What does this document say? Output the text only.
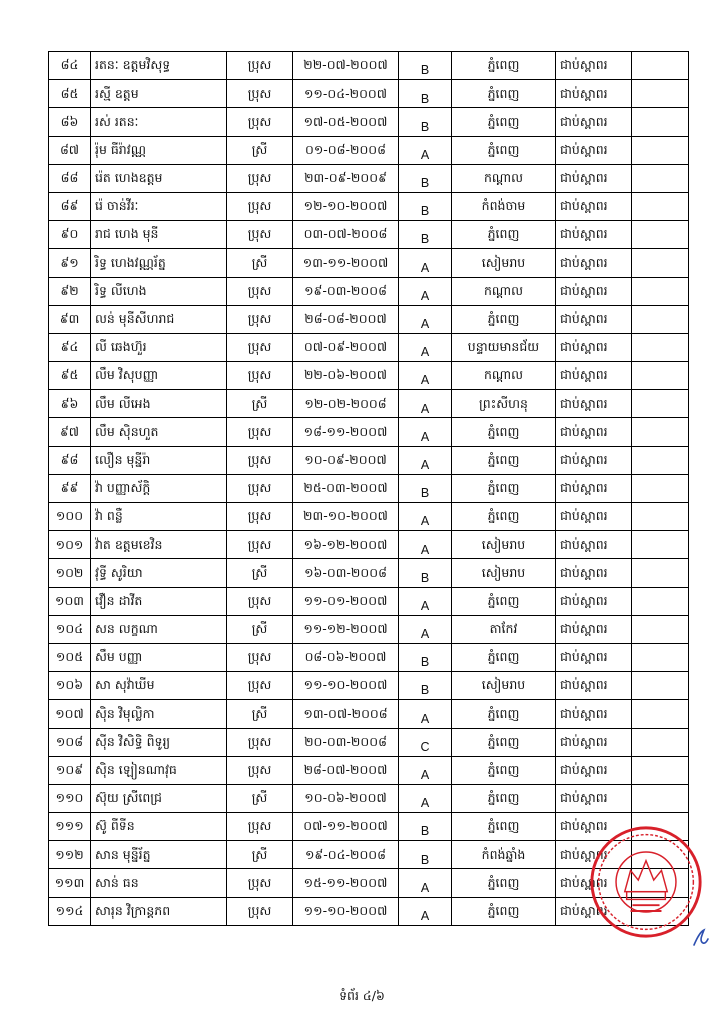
៨៤	រតនៈ ឧត្តមវិសុទ្ធ	ប្រុស	២២-០៧-២០០៧	B	ភ្នំពេញ	ជាប់ស្ពាពរ	
៨៥	រស្មី ឧត្តម	ប្រុស	១១-០៤-២០០៧	B	ភ្នំពេញ	ជាប់ស្ពាពរ	
៨៦	រស់ រតនៈ	ប្រុស	១៧-០៥-២០០៧	B	ភ្នំពេញ	ជាប់ស្ពាពរ	
៨៧	រ៉ុម ធីរ៉ាវណ្ណ	ស្រី	០១-០៨-២០០៨	A	ភ្នំពេញ	ជាប់ស្ពាពរ	
៨៨	រ៉េត ហេងឧត្តម	ប្រុស	២៣-០៩-២០០៩	B	កណ្តាល	ជាប់ស្ពាពរ	
៨៩	រ៉េ ចាន់វីរៈ	ប្រុស	១២-១០-២០០៧	B	កំពង់ចាម	ជាប់ស្ពាពរ	
៩០	រាជ ហេង មុនី	ប្រុស	០៣-០៧-២០០៨	B	ភ្នំពេញ	ជាប់ស្ពាពរ	
៩១	រិទ្ធ ហេងវណ្ណរ័ត្ន	ស្រី	១៣-១១-២០០៧	A	សៀមរាប	ជាប់ស្ពាពរ	
៩២	រិទ្ធ លីហេង	ប្រុស	១៩-០៣-២០០៨	A	កណ្តាល	ជាប់ស្ពាពរ	
៩៣	លន់ មុនីសីហរាជ	ប្រុស	២៨-០៨-២០០៧	A	ភ្នំពេញ	ជាប់ស្ពាពរ	
៩៤	លី ឆេងហ៊ួរ	ប្រុស	០៧-០៩-២០០៧	A	បន្ទាយមានជ័យ	ជាប់ស្ពាពរ	
៩៥	លឹម វិសុបញ្ញា	ប្រុស	២២-០៦-២០០៧	A	កណ្តាល	ជាប់ស្ពាពរ	
៩៦	លឹម លីអេង	ស្រី	១២-០២-២០០៨	A	ព្រះសីហនុ	ជាប់ស្ពាពរ	
៩៧	លឹម ស៊ិនហួត	ប្រុស	១៨-១១-២០០៧	A	ភ្នំពេញ	ជាប់ស្ពាពរ	
៩៨	លឿន មុន្នីរ៉ា	ប្រុស	១០-០៩-២០០៧	A	ភ្នំពេញ	ជាប់ស្ពាពរ	
៩៩	វ៉ា បញ្ញាស័ក្តិ	ប្រុស	២៥-០៣-២០០៧	B	ភ្នំពេញ	ជាប់ស្ពាពរ	
១០០	វ៉ា ពន្លឺ	ប្រុស	២៣-១០-២០០៧	A	ភ្នំពេញ	ជាប់ស្ពាពរ	
១០១	វ៉ាត ឧត្តមខេវិន	ប្រុស	១៦-១២-២០០៧	A	សៀមរាប	ជាប់ស្ពាពរ	
១០២	វុទ្ធី សូរិយា	ស្រី	១៦-០៣-២០០៨	B	សៀមរាប	ជាប់ស្ពាពរ	
១០៣	វឿន ដាវីត	ប្រុស	១១-០១-២០០៧	A	ភ្នំពេញ	ជាប់ស្ពាពរ	
១០៤	សន លក្ខណា	ស្រី	១១-១២-២០០៧	A	តាកែវ	ជាប់ស្ពាពរ	
១០៥	សឹម បញ្ញា	ប្រុស	០៨-០៦-២០០៧	B	ភ្នំពេញ	ជាប់ស្ពាពរ	
១០៦	សា សុវ៉ាឃីម	ប្រុស	១១-១០-២០០៧	B	សៀមរាប	ជាប់ស្ពាពរ	
១០៧	ស៊ិន វិមុល្លិកា	ស្រី	១៣-០៧-២០០៨	A	ភ្នំពេញ	ជាប់ស្ពាពរ	
១០៨	ស៊ីន វិសិទ្ធិ ពិទូរ្យ	ប្រុស	២០-០៣-២០០៨	C	ភ្នំពេញ	ជាប់ស្ពាពរ	
១០៩	ស៊ិន ឡៀនណាវុធ	ប្រុស	២៨-០៧-២០០៧	A	ភ្នំពេញ	ជាប់ស្ពាពរ	
១១០	ស៊ុយ ស្រីពេជ្រ	ស្រី	១០-០៦-២០០៧	A	ភ្នំពេញ	ជាប់ស្ពាពរ	
១១១	ស៊ូ ពីទីន	ប្រុស	០៧-១១-២០០៧	B	ភ្នំពេញ	ជាប់ស្ពាពរ	
១១២	សាន មុន្នីរ័ត្ន	ស្រី	១៩-០៤-២០០៨	B	កំពង់ឆ្នាំង	ជាប់ស្ពាពរ	
១១៣	សាន់ ធន	ប្រុស	១៥-១១-២០០៧	A	ភ្នំពេញ	ជាប់ស្ពាពរ	
១១៤	សារុន វិក្រាន្តភព	ប្រុស	១១-១០-២០០៧	A	ភ្នំពេញ	ជាប់ស្ពាពរ	
ទំព័រ ៤/៦
